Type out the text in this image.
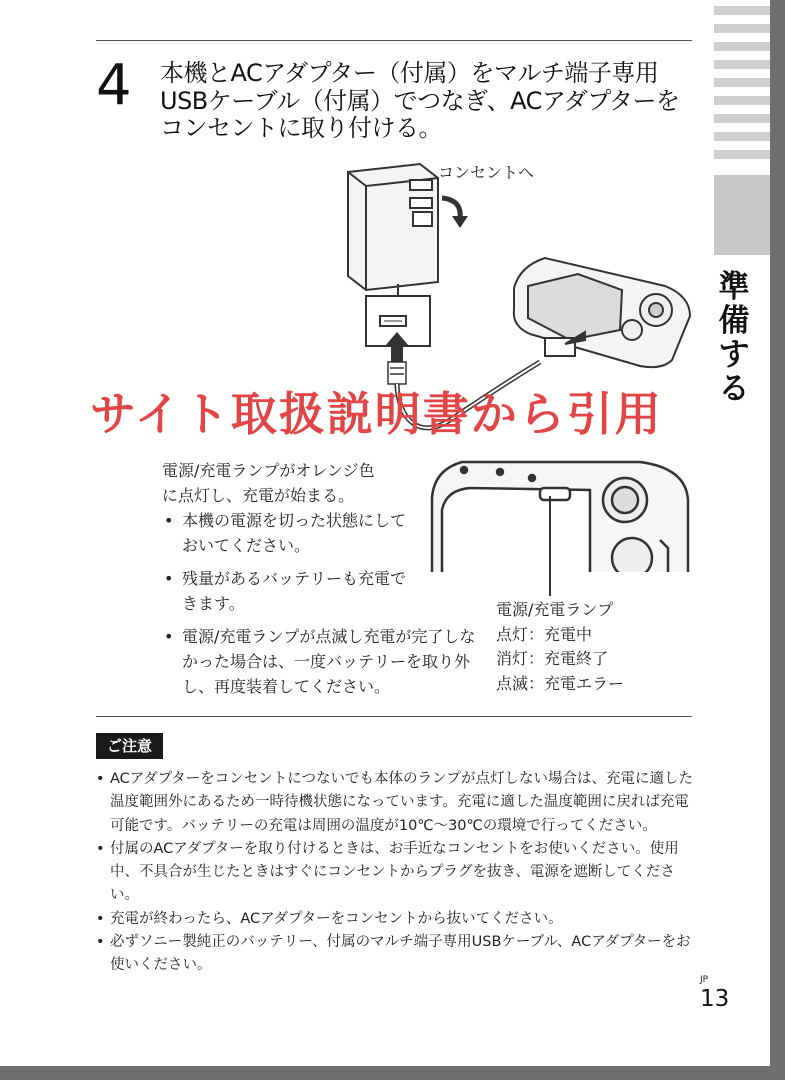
準
備
す
る
4 本機とACアダプター（付属）をマルチ端子専用
USBケーブル（付属）でつなぎ、ACアダプターを
コンセントに取り付ける。
コンセントへ
サイト取扱説明書から引用
電源/充電ランプがオレンジ色
に点灯し、充電が始まる。
• 本機の電源を切った状態にしておいてください。
• 残量があるバッテリーも充電できます。
• 電源/充電ランプが点滅し充電が完了しなかった場合は、一度バッテリーを取り外し、再度装着してください。
電源/充電ランプ
点灯：充電中
消灯：充電終了
点滅：充電エラー
ご注意
• ACアダプターをコンセントにつないでも本体のランプが点灯しない場合は、充電に適した温度範囲外にあるため一時待機状態になっています。充電に適した温度範囲に戻れば充電可能です。バッテリーの充電は周囲の温度が10℃～30℃の環境で行ってください。
• 付属のACアダプターを取り付けるときは、お手近なコンセントをお使いください。使用中、不具合が生じたときはすぐにコンセントからプラグを抜き、電源を遮断してください。
• 充電が終わったら、ACアダプターをコンセントから抜いてください。
• 必ずソニー製純正のバッテリー、付属のマルチ端子専用USBケーブル、ACアダプターをお使いください。
JP
13
